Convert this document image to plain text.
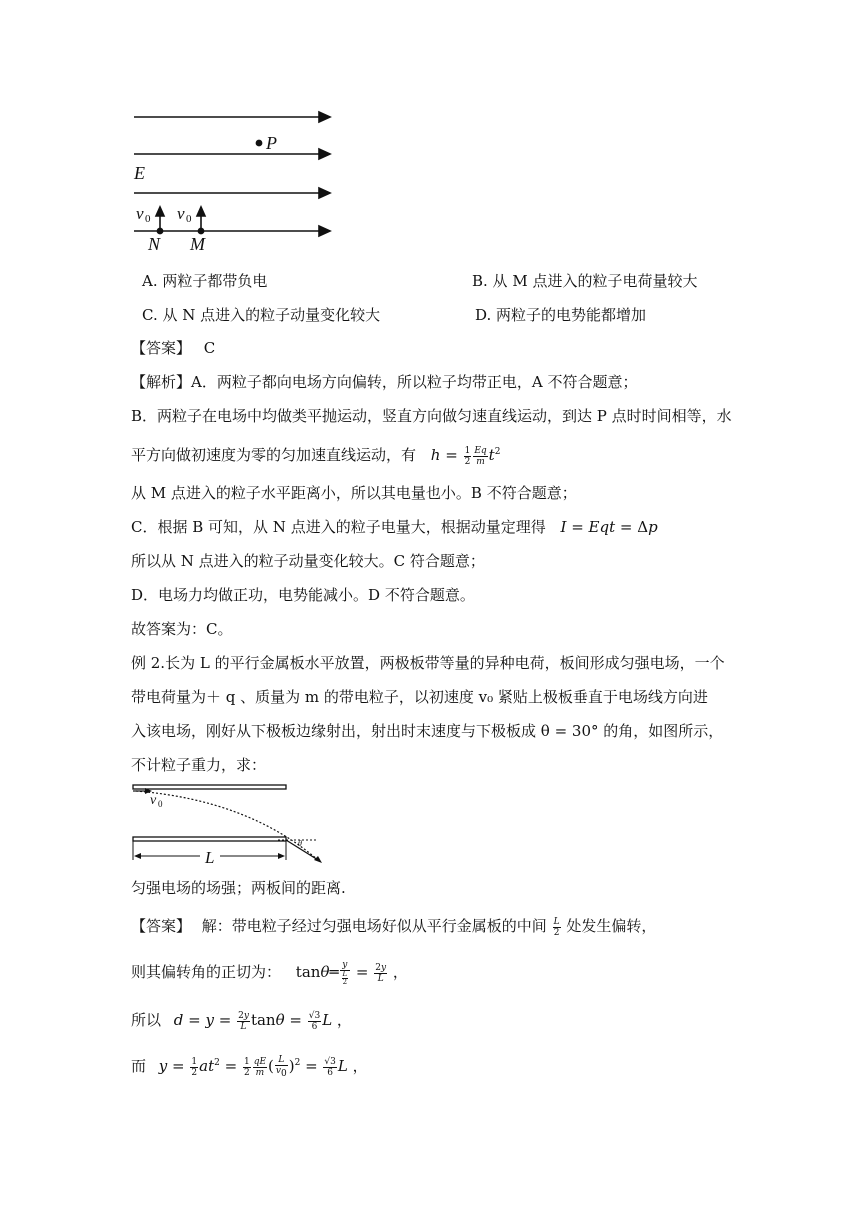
P
E
v 0 v 0
N M
A. 两粒子都带负电	B. 从 M 点进入的粒子电荷量较大
C. 从 N 点进入的粒子动量变化较大	D. 两粒子的电势能都增加
【答案】 C
【解析】A．两粒子都向电场方向偏转，所以粒子均带正电，A 不符合题意；
B．两粒子在电场中均做类平抛运动，竖直方向做匀速直线运动，到达 P 点时时间相等，水
平方向做初速度为零的匀加速直线运动，有 $h = \frac{1}{2} \frac{Eq}{m} t^2$
从 M 点进入的粒子水平距离小，所以其电量也小。B 不符合题意；
C．根据 B 可知，从 N 点进入的粒子电量大，根据动量定理得 I = Eqt = Δp
所以从 N 点进入的粒子动量变化较大。C 符合题意；
D．电场力均做正功，电势能减小。D 不符合题意。
故答案为：C。
例 2.长为 L 的平行金属板水平放置，两极板带等量的异种电荷，板间形成匀强电场，一个
带电荷量为＋ q 、质量为 m 的带电粒子，以初速度 v₀ 紧贴上极板垂直于电场线方向进
入该电场，刚好从下极板边缘射出，射出时末速度与下极板成 θ = 30° 的角，如图所示，
不计粒子重力，求：
v 0
L
θ
匀强电场的场强；两板间的距离.
【答案】 解：带电粒子经过匀强电场好似从平行金属板的中间 $\frac{L}{2}$ 处发生偏转，
则其偏转角的正切为： tanθ═ $\frac{y}{\frac{L}{2}} = \frac{2y}{L}$ ，
所以 $d = y = \frac{2y}{L}$ $\tan\theta = \frac{√3}{6}$ L ，
而 $y = \frac{1}{2} at^2 = \frac{1}{2} \frac{qE}{m}$ ( $\frac{L}{v_0} )^2 = \frac{√3}{6}$ L ，
